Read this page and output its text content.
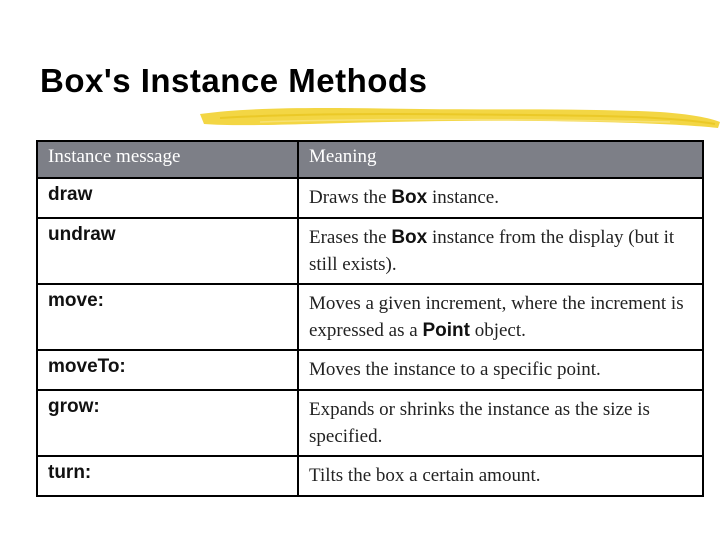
Box's Instance Methods
Instance message	Meaning
draw	Draws the Box instance.
undraw	Erases the Box instance from the display (but it still exists).
move:	Moves a given increment, where the increment is expressed as a Point object.
moveTo:	Moves the instance to a specific point.
grow:	Expands or shrinks the instance as the size is specified.
turn:	Tilts the box a certain amount.
